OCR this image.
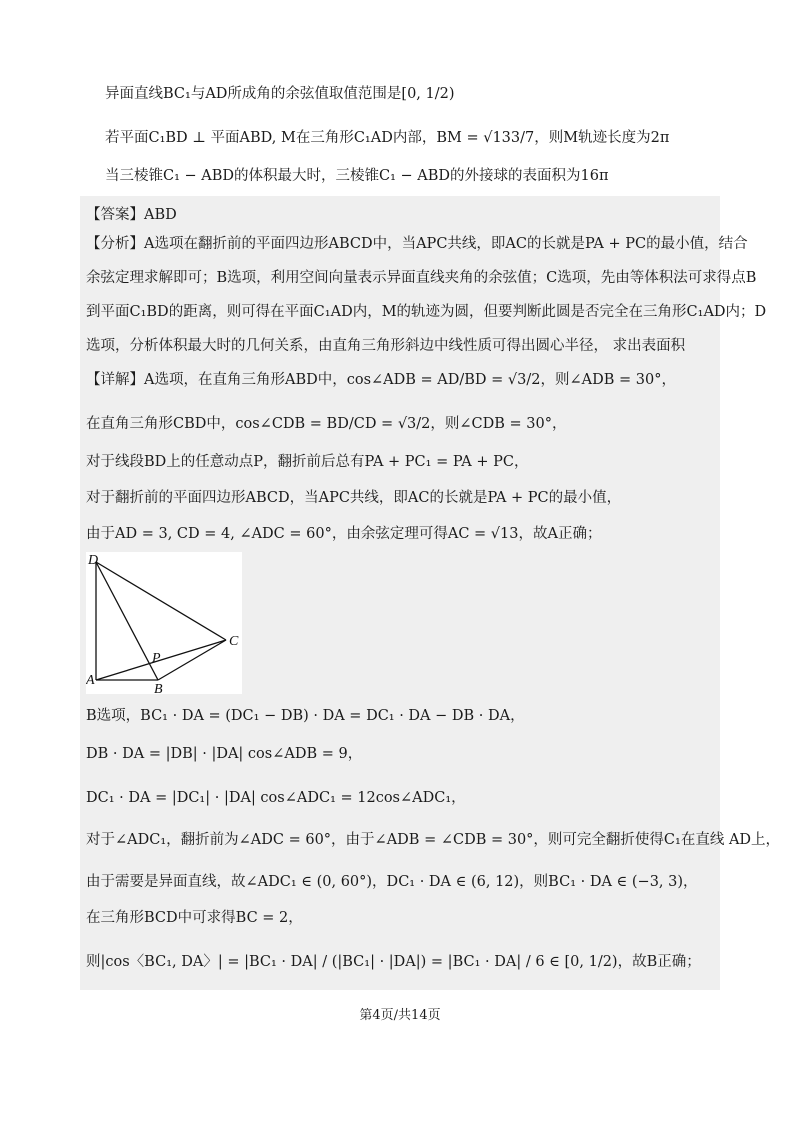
异面直线BC₁与AD所成角的余弦值取值范围是[0, 1/2)
若平面C₁BD ⊥ 平面ABD, M在三角形C₁AD内部，BM = √133/7，则M轨迹长度为2π
当三棱锥C₁ − ABD的体积最大时，三棱锥C₁ − ABD的外接球的表面积为16π
【答案】ABD
【分析】A选项在翻折前的平面四边形ABCD中，当APC共线，即AC的长就是PA + PC的最小值，结合
余弦定理求解即可；B选项，利用空间向量表示异面直线夹角的余弦值；C选项，先由等体积法可求得点B
到平面C₁BD的距离，则可得在平面C₁AD内，M的轨迹为圆，但要判断此圆是否完全在三角形C₁AD内；D
选项，分析体积最大时的几何关系，由直角三角形斜边中线性质可得出圆心半径， 求出表面积
【详解】A选项，在直角三角形ABD中，cos∠ADB = AD/BD = √3/2，则∠ADB = 30°，
在直角三角形CBD中，cos∠CDB = BD/CD = √3/2，则∠CDB = 30°，
对于线段BD上的任意动点P，翻折前后总有PA + PC₁ = PA + PC，
对于翻折前的平面四边形ABCD，当APC共线，即AC的长就是PA + PC的最小值，
由于AD = 3, CD = 4, ∠ADC = 60°，由余弦定理可得AC = √13，故A正确；
D
A
B
C
P
B选项，BC₁ · DA = (DC₁ − DB) · DA = DC₁ · DA − DB · DA，
DB · DA = |DB| · |DA| cos∠ADB = 9，
DC₁ · DA = |DC₁| · |DA| cos∠ADC₁ = 12cos∠ADC₁，
对于∠ADC₁，翻折前为∠ADC = 60°，由于∠ADB = ∠CDB = 30°，则可完全翻折使得C₁在直线 AD上，
由于需要是异面直线，故∠ADC₁ ∈ (0, 60°)，DC₁ · DA ∈ (6, 12)，则BC₁ · DA ∈ (−3, 3)，
在三角形BCD中可求得BC = 2，
则|cos〈BC₁, DA〉| = |BC₁ · DA| / (|BC₁| · |DA|) = |BC₁ · DA| / 6 ∈ [0, 1/2)，故B正确；
第4页/共14页
